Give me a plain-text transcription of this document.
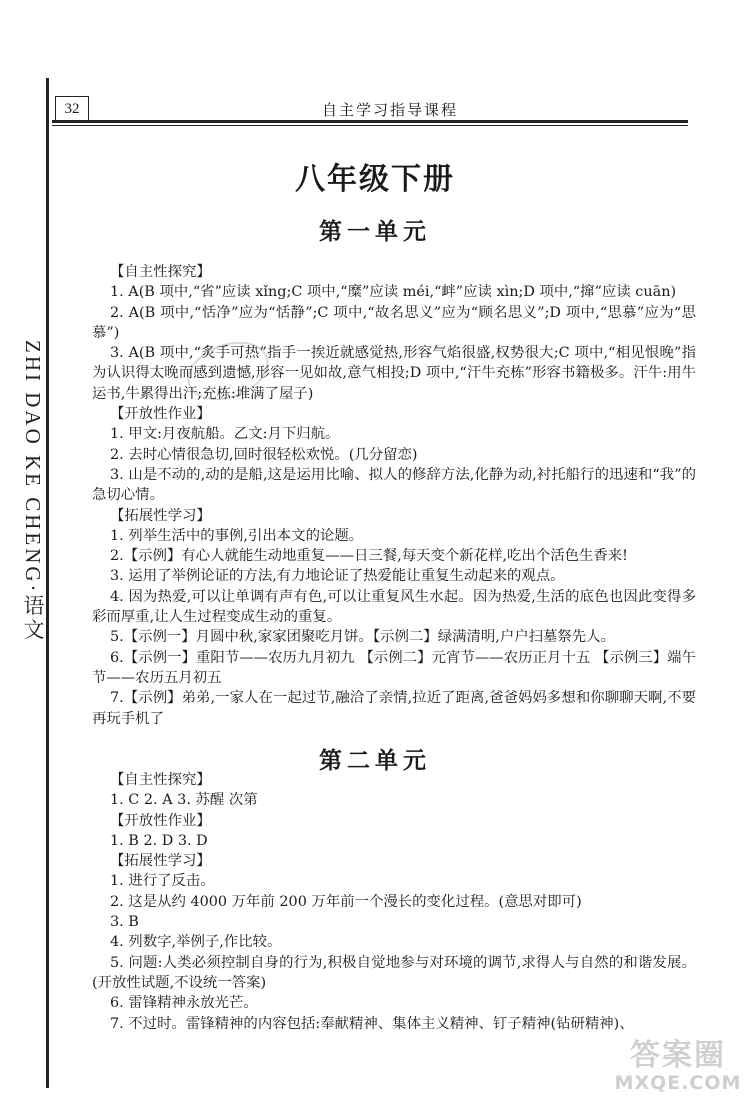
32	自主学习指导课程
ZHI DAO KE CHENG·语文
八年级下册
第一单元
【自主性探究】

1. A(B 项中,“省”应读 xǐng;C 项中,“糜”应读 méi,“衅”应读 xìn;D 项中,“撺”应读 cuān)

2. A(B 项中,“恬净”应为“恬静”;C 项中,“故名思义”应为“顾名思义”;D 项中,“思慕”应为“思慕”)

3. A(B 项中,“炙手可热”指手一挨近就感觉热,形容气焰很盛,权势很大;C 项中,“相见恨晚”指为认识得太晚而感到遗憾,形容一见如故,意气相投;D 项中,“汗牛充栋”形容书籍极多。汗牛:用牛运书,牛累得出汗;充栋:堆满了屋子)

【开放性作业】

1. 甲文:月夜航船。乙文:月下归航。

2. 去时心情很急切,回时很轻松欢悦。(几分留恋)

3. 山是不动的,动的是船,这是运用比喻、拟人的修辞方法,化静为动,衬托船行的迅速和“我”的急切心情。

【拓展性学习】

1. 列举生活中的事例,引出本文的论题。

2.【示例】有心人就能生动地重复——日三餐,每天变个新花样,吃出个活色生香来!

3. 运用了举例论证的方法,有力地论证了热爱能让重复生动起来的观点。

4. 因为热爱,可以让单调有声有色,可以让重复风生水起。因为热爱,生活的底色也因此变得多彩而厚重,让人生过程变成生动的重复。

5.【示例一】月圆中秋,家家团聚吃月饼。【示例二】绿满清明,户户扫墓祭先人。

6.【示例一】重阳节——农历九月初九 【示例二】元宵节——农历正月十五 【示例三】端午节——农历五月初五

7.【示例】弟弟,一家人在一起过节,融洽了亲情,拉近了距离,爸爸妈妈多想和你聊聊天啊,不要再玩手机了

第二单元
【自主性探究】

1. C 2. A 3. 苏醒 次第

【开放性作业】

1. B 2. D 3. D

【拓展性学习】

1. 进行了反击。

2. 这是从约 4000 万年前 200 万年前一个漫长的变化过程。(意思对即可)

3. B

4. 列数字,举例子,作比较。

5. 问题:人类必须控制自身的行为,积极自觉地参与对环境的调节,求得人与自然的和谐发展。(开放性试题,不设统一答案)

6. 雷锋精神永放光芒。

7. 不过时。雷锋精神的内容包括:奉献精神、集体主义精神、钉子精神(钻研精神)、

答案圈
MXQE.COM
